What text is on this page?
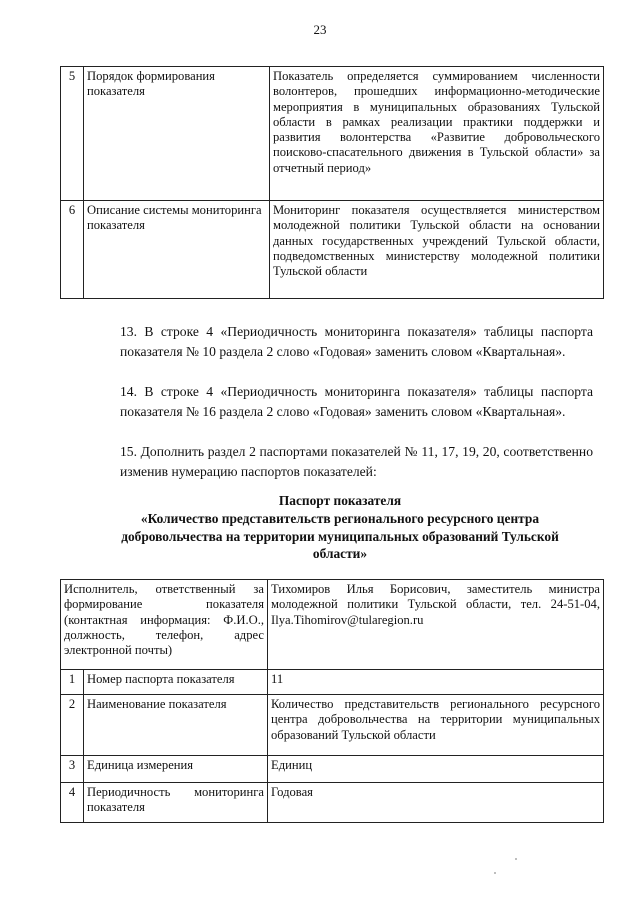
23
5	Порядок формирования показателя	Показатель определяется суммированием численности волонтеров, прошедших информационно-методические мероприятия в муниципальных образованиях Тульской области в рамках реализации практики поддержки и развития волонтерства «Развитие добровольческого поисково-спасательного движения в Тульской области» за отчетный период»
6	Описание системы мониторинга показателя	Мониторинг показателя осуществляется министерством молодежной политики Тульской области на основании данных государственных учреждений Тульской области, подведомственных министерству молодежной политики Тульской области
13. В строке 4 «Периодичность мониторинга показателя» таблицы паспорта показателя № 10 раздела 2 слово «Годовая» заменить словом «Квартальная».
14. В строке 4 «Периодичность мониторинга показателя» таблицы паспорта показателя № 16 раздела 2 слово «Годовая» заменить словом «Квартальная».
15. Дополнить раздел 2 паспортами показателей № 11, 17, 19, 20, соответственно изменив нумерацию паспортов показателей:
Паспорт показателя
«Количество представительств регионального ресурсного центра добровольчества на территории муниципальных образований Тульской области»
Исполнитель, ответственный за формирование показателя (контактная информация: Ф.И.О., должность, телефон, адрес электронной почты)		Тихомиров Илья Борисович, заместитель министра молодежной политики Тульской области, тел. 24-51-04, Ilya.Tihomirov@tularegion.ru
1	Номер паспорта показателя	11
2	Наименование показателя	Количество представительств регионального ресурсного центра добровольчества на территории муниципальных образований Тульской области
3	Единица измерения	Единиц
4	Периодичность мониторинга показателя	Годовая
